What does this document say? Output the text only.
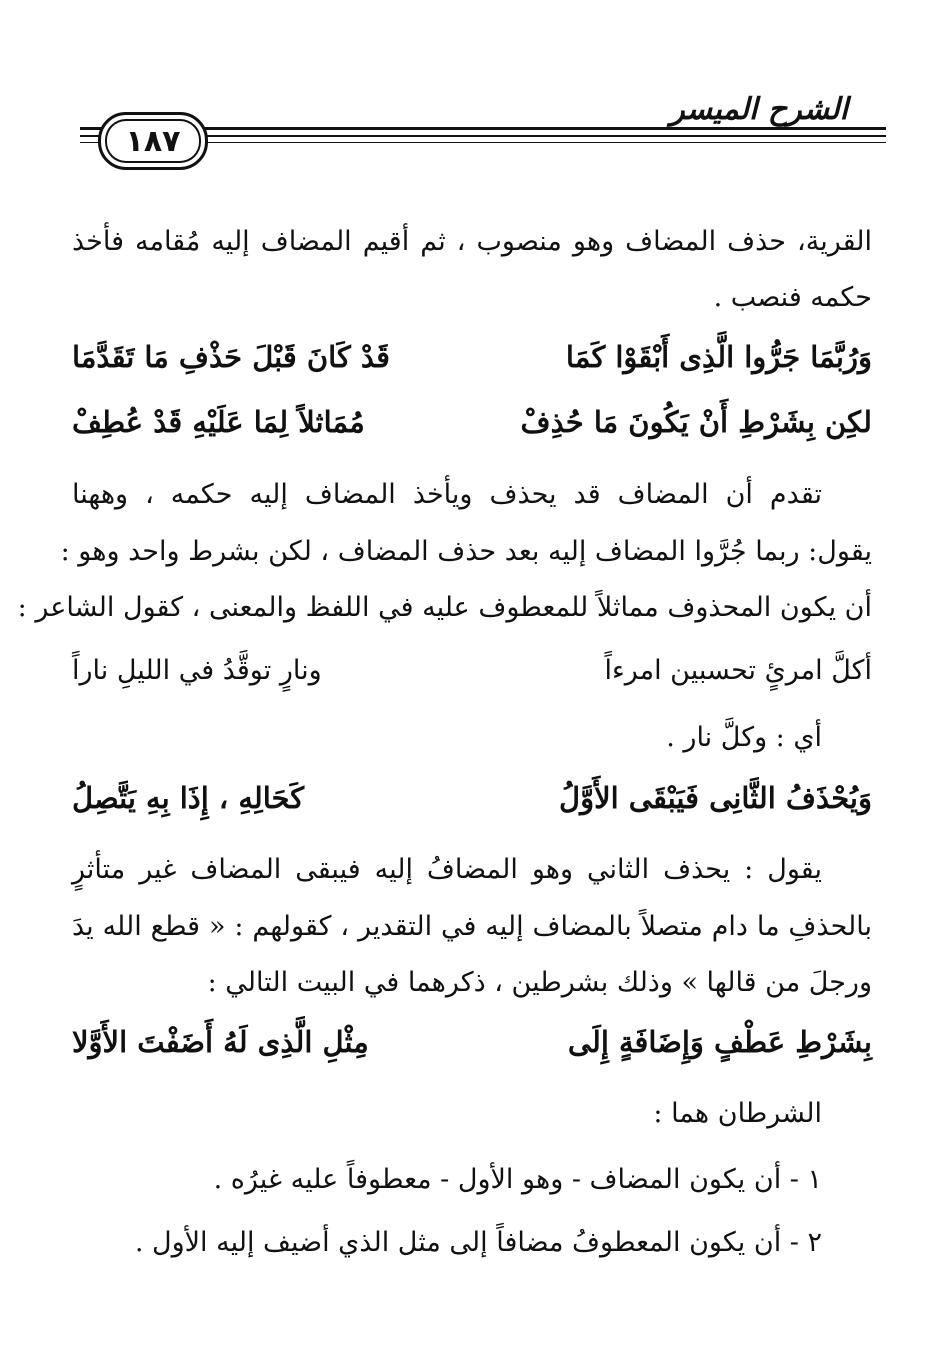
١٨٧
الشرح الميسر
القرية، حذف المضاف وهو منصوب ، ثم أقيم المضاف إليه مُقامه فأخذ
حكمه فنصب .
وَرُبَّمَا جَرُّوا الَّذِى أَبْقَوْا كَمَا
قَدْ كَانَ قَبْلَ حَذْفِ مَا تَقَدَّمَا
لكِن بِشَرْطِ أَنْ يَكُونَ مَا حُذِفْ
مُمَاثلاً لِمَا عَلَيْهِ قَدْ عُطِفْ
تقدم أن المضاف قد يحذف ويأخذ المضاف إليه حكمه ، وههنا
يقول: ربما جُرَّوا المضاف إليه بعد حذف المضاف ، لكن بشرط واحد وهو :
أن يكون المحذوف مماثلاً للمعطوف عليه في اللفظ والمعنى ، كقول الشاعر :
أكلَّ امرئٍ تحسبين امرءاً
ونارٍ توقَّدُ في الليلِ ناراً
أي : وكلَّ نار .
وَيُحْذَفُ الثَّانِى فَيَبْقَى الأَوَّلُ
كَحَالِهِ ، إِذَا بِهِ يَتَّصِلُ
يقول : يحذف الثاني وهو المضافُ إليه فيبقى المضاف غير متأثرٍ
بالحذفِ ما دام متصلاً بالمضاف إليه في التقدير ، كقولهم : « قطع الله يدَ
ورجلَ من قالها » وذلك بشرطين ، ذكرهما في البيت التالي :
بِشَرْطِ عَطْفٍ وَإِضَافَةٍ إِلَى
مِثْلِ الَّذِى لَهُ أَضَفْتَ الأَوَّلا
الشرطان هما :
١ - أن يكون المضاف - وهو الأول - معطوفاً عليه غيرُه .
٢ - أن يكون المعطوفُ مضافاً إلى مثل الذي أضيف إليه الأول .
